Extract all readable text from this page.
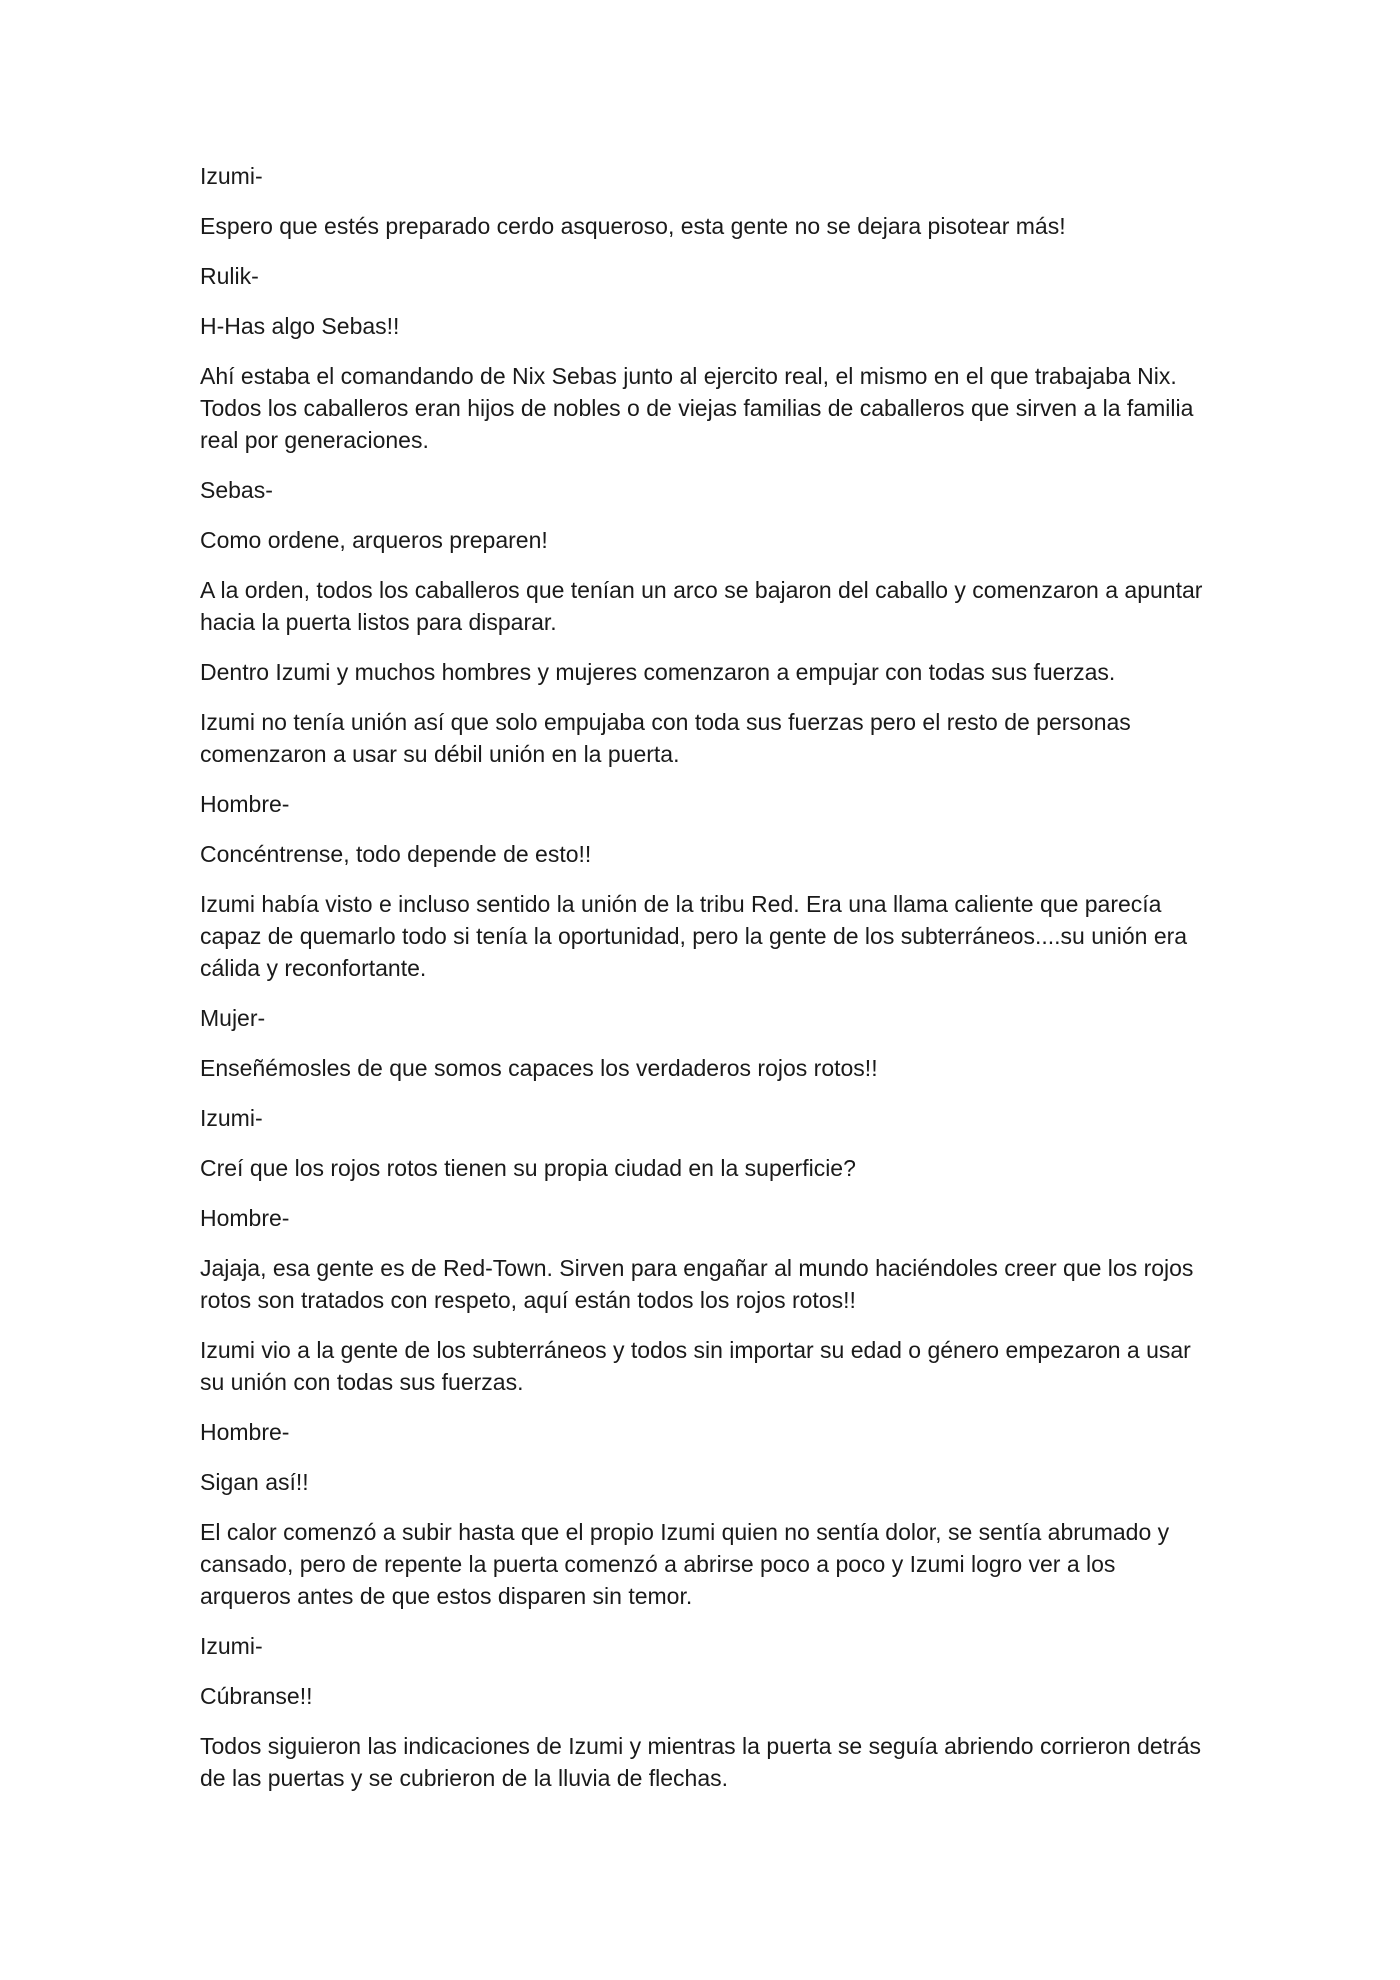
Izumi-

Espero que estés preparado cerdo asqueroso, esta gente no se dejara pisotear más!

Rulik-

H-Has algo Sebas!!

Ahí estaba el comandando de Nix Sebas junto al ejercito real, el mismo en el que trabajaba Nix. Todos los caballeros eran hijos de nobles o de viejas familias de caballeros que sirven a la familia real por generaciones.

Sebas-

Como ordene, arqueros preparen!

A la orden, todos los caballeros que tenían un arco se bajaron del caballo y comenzaron a apuntar hacia la puerta listos para disparar.

Dentro Izumi y muchos hombres y mujeres comenzaron a empujar con todas sus fuerzas.

Izumi no tenía unión así que solo empujaba con toda sus fuerzas pero el resto de personas comenzaron a usar su débil unión en la puerta.

Hombre-

Concéntrense, todo depende de esto!!

Izumi había visto e incluso sentido la unión de la tribu Red. Era una llama caliente que parecía capaz de quemarlo todo si tenía la oportunidad, pero la gente de los subterráneos....su unión era cálida y reconfortante.

Mujer-

Enseñémosles de que somos capaces los verdaderos rojos rotos!!

Izumi-

Creí que los rojos rotos tienen su propia ciudad en la superficie?

Hombre-

Jajaja, esa gente es de Red-Town. Sirven para engañar al mundo haciéndoles creer que los rojos rotos son tratados con respeto, aquí están todos los rojos rotos!!

Izumi vio a la gente de los subterráneos y todos sin importar su edad o género empezaron a usar su unión con todas sus fuerzas.

Hombre-

Sigan así!!

El calor comenzó a subir hasta que el propio Izumi quien no sentía dolor, se sentía abrumado y cansado, pero de repente la puerta comenzó a abrirse poco a poco y Izumi logro ver a los arqueros antes de que estos disparen sin temor.

Izumi-

Cúbranse!!

Todos siguieron las indicaciones de Izumi y mientras la puerta se seguía abriendo corrieron detrás de las puertas y se cubrieron de la lluvia de flechas.
